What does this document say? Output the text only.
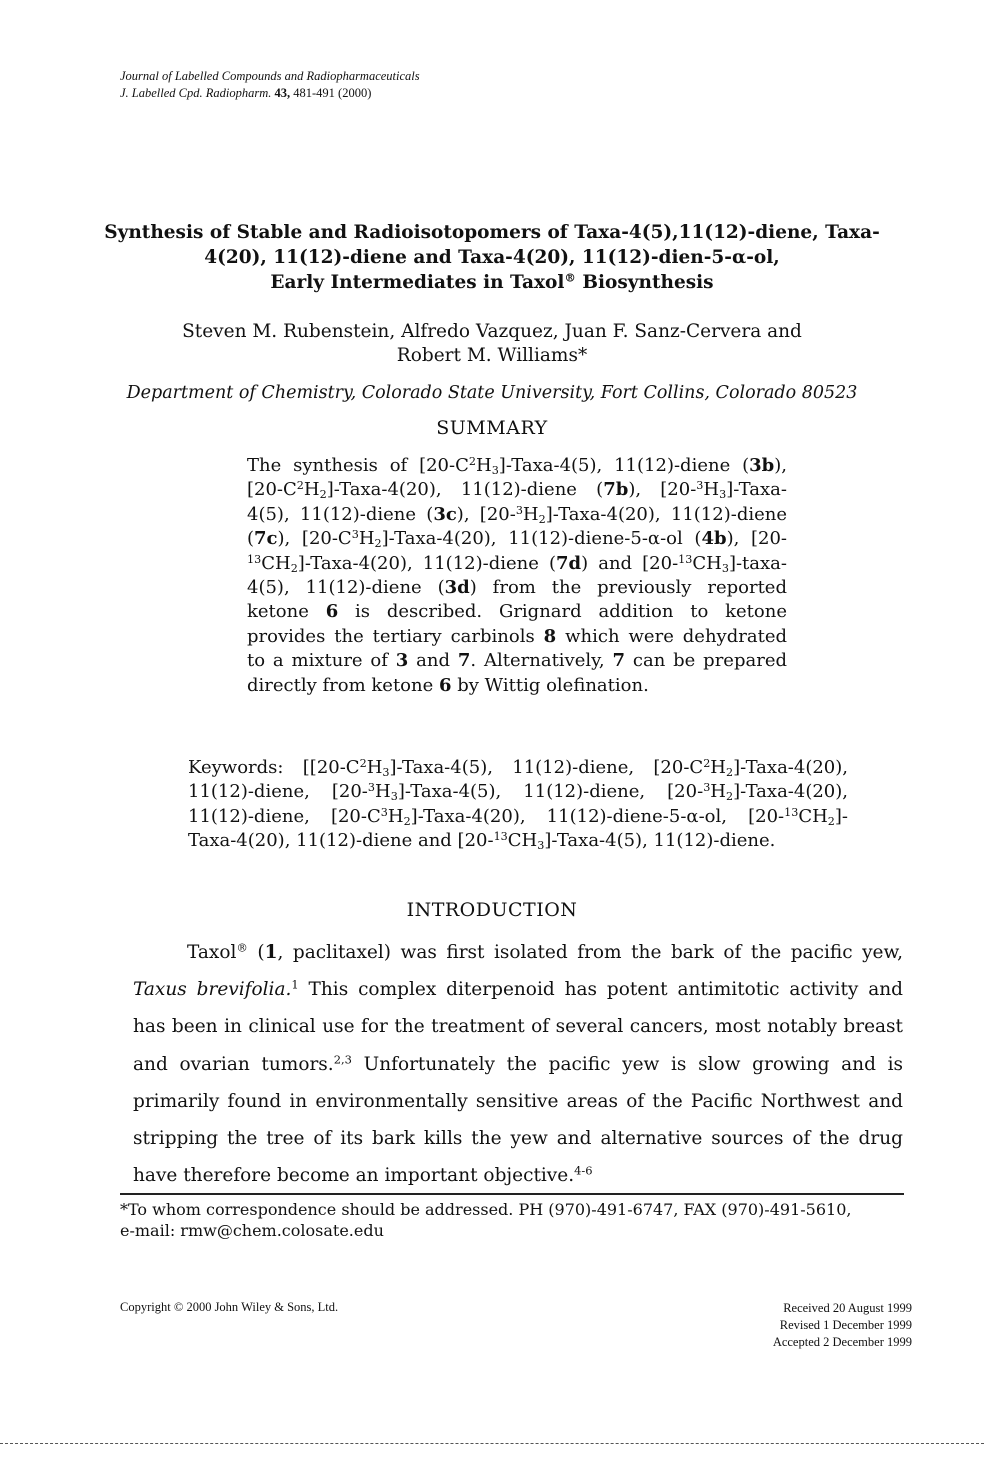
Journal of Labelled Compounds and Radiopharmaceuticals
J. Labelled Cpd. Radiopharm. 43, 481-491 (2000)
Synthesis of Stable and Radioisotopomers of Taxa-4(5),11(12)-diene, Taxa-
4(20), 11(12)-diene and Taxa-4(20), 11(12)-dien-5-α-ol,
Early Intermediates in Taxol® Biosynthesis
Steven M. Rubenstein, Alfredo Vazquez, Juan F. Sanz-Cervera and
Robert M. Williams*
Department of Chemistry, Colorado State University, Fort Collins, Colorado 80523
SUMMARY
The synthesis of $[20-C^2H_3]-Taxa-4(5)$, 11(12)-diene (3b), $[20-C^2H_2]-Taxa-4(20)$, 11(12)-diene (7b), $[20-^3H_3]-Taxa-4(5)$, 11(12)-diene (3c), $[20-^3H_2]-Taxa-4(20)$, 11(12)-diene (7c), $[20-C^3H_2]-Taxa-4(20)$, 11(12)-diene-5-α-ol (4b), $[20-^{13}CH_2]-Taxa-4(20)$, 11(12)-diene (7d) and $[20-^{13}CH_3]-taxa-4(5)$, 11(12)-diene (3d) from the previously reported ketone 6 is described. Grignard addition to ketone provides the tertiary carbinols 8 which were dehydrated to a mixture of 3 and 7. Alternatively, 7 can be prepared directly from ketone 6 by Wittig olefination.
Keywords: [$[20-C^2H_3]-Taxa-4(5)$, 11(12)-diene, $[20-C^2H_2]-Taxa-4(20)$, 11(12)-diene, $[20-^3H_3]-Taxa-4(5)$, 11(12)-diene, $[20-^3H_2]-Taxa-4(20)$, 11(12)-diene, $[20-C^3H_2]-Taxa-4(20)$, 11(12)-diene-5-α-ol, $[20-^{13}CH_2]-Taxa-4(20)$, 11(12)-diene and $[20-^{13}CH_3]-Taxa-4(5)$, 11(12)-diene.
INTRODUCTION

Taxol® (1, paclitaxel) was first isolated from the bark of the pacific yew, Taxus brevifolia.$^1$ This complex diterpenoid has potent antimitotic activity and has been in clinical use for the treatment of several cancers, most notably breast and ovarian tumors.$^{2,3}$ Unfortunately the pacific yew is slow growing and is primarily found in environmentally sensitive areas of the Pacific Northwest and stripping the tree of its bark kills the yew and alternative sources of the drug have therefore become an important objective.$^{4-6}$

*To whom correspondence should be addressed. PH (970)-491-6747, FAX (970)-491-5610,
e-mail: rmw@chem.colosate.edu
Copyright © 2000 John Wiley & Sons, Ltd.	Received 20 August 1999
Revised 1 December 1999
Accepted 2 December 1999
